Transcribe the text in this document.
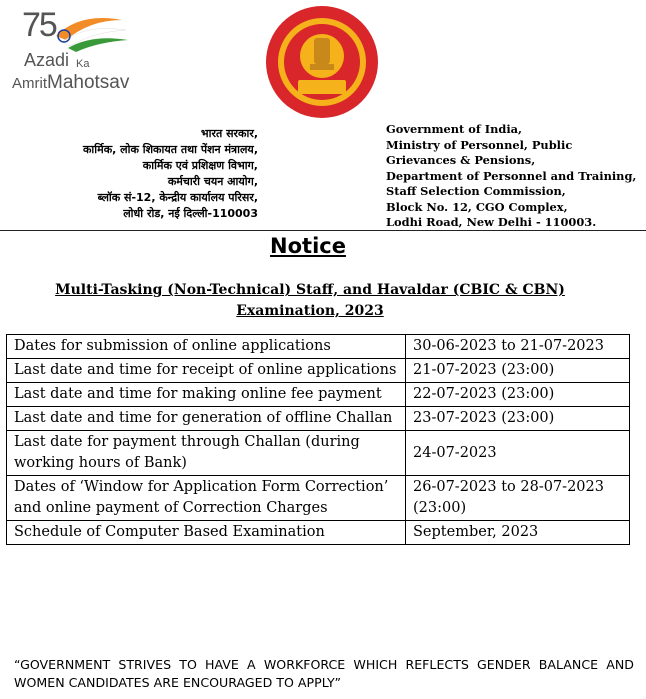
75
Azadi Ka
AmritMahotsav
भारत सरकार,
कार्मिक, लोक शिकायत तथा पेंशन मंत्रालय,
कार्मिक एवं प्रशिक्षण विभाग,
कर्मचारी चयन आयोग,
ब्लॉक सं-12, केन्द्रीय कार्यालय परिसर,
लोधी रोड, नई दिल्ली-110003
Government of India,
Ministry of Personnel, Public Grievances & Pensions,
Department of Personnel and Training,
Staff Selection Commission,
Block No. 12, CGO Complex,
Lodhi Road, New Delhi - 110003.
Notice
Multi-Tasking (Non-Technical) Staff, and Havaldar (CBIC & CBN) Examination, 2023
Dates for submission of online applications	30-06-2023 to 21-07-2023
Last date and time for receipt of online applications	21-07-2023 (23:00)
Last date and time for making online fee payment	22-07-2023 (23:00)
Last date and time for generation of offline Challan	23-07-2023 (23:00)
Last date for payment through Challan (during working hours of Bank)	24-07-2023
Dates of ‘Window for Application Form Correction’ and online payment of Correction Charges	26-07-2023 to 28-07-2023 (23:00)
Schedule of Computer Based Examination	September, 2023
“GOVERNMENT STRIVES TO HAVE A WORKFORCE WHICH REFLECTS GENDER BALANCE AND WOMEN CANDIDATES ARE ENCOURAGED TO APPLY”
